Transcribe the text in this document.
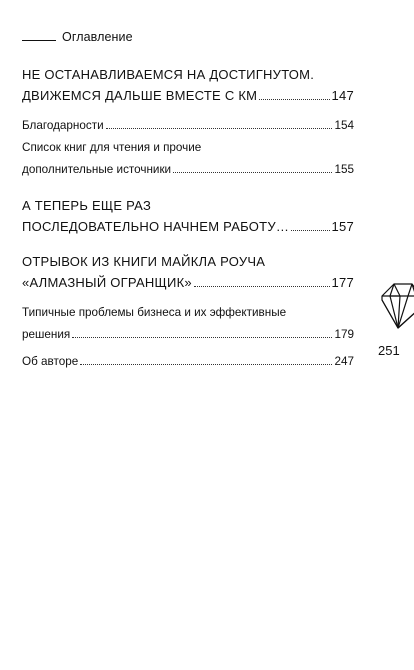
Оглавление
НЕ ОСТАНАВЛИВАЕМСЯ НА ДОСТИГНУТОМ.
ДВИЖЕМСЯ ДАЛЬШЕ ВМЕСТЕ С КМ	147
Благодарности	154
Список книг для чтения и прочие
дополнительные источники	155
А ТЕПЕРЬ ЕЩЕ РАЗ
ПОСЛЕДОВАТЕЛЬНО НАЧНЕМ РАБОТУ…	157
ОТРЫВОК ИЗ КНИГИ МАЙКЛА РОУЧА
«АЛМАЗНЫЙ ОГРАНЩИК»	177
Типичные проблемы бизнеса и их эффективные
решения	179
Об авторе	247
251
